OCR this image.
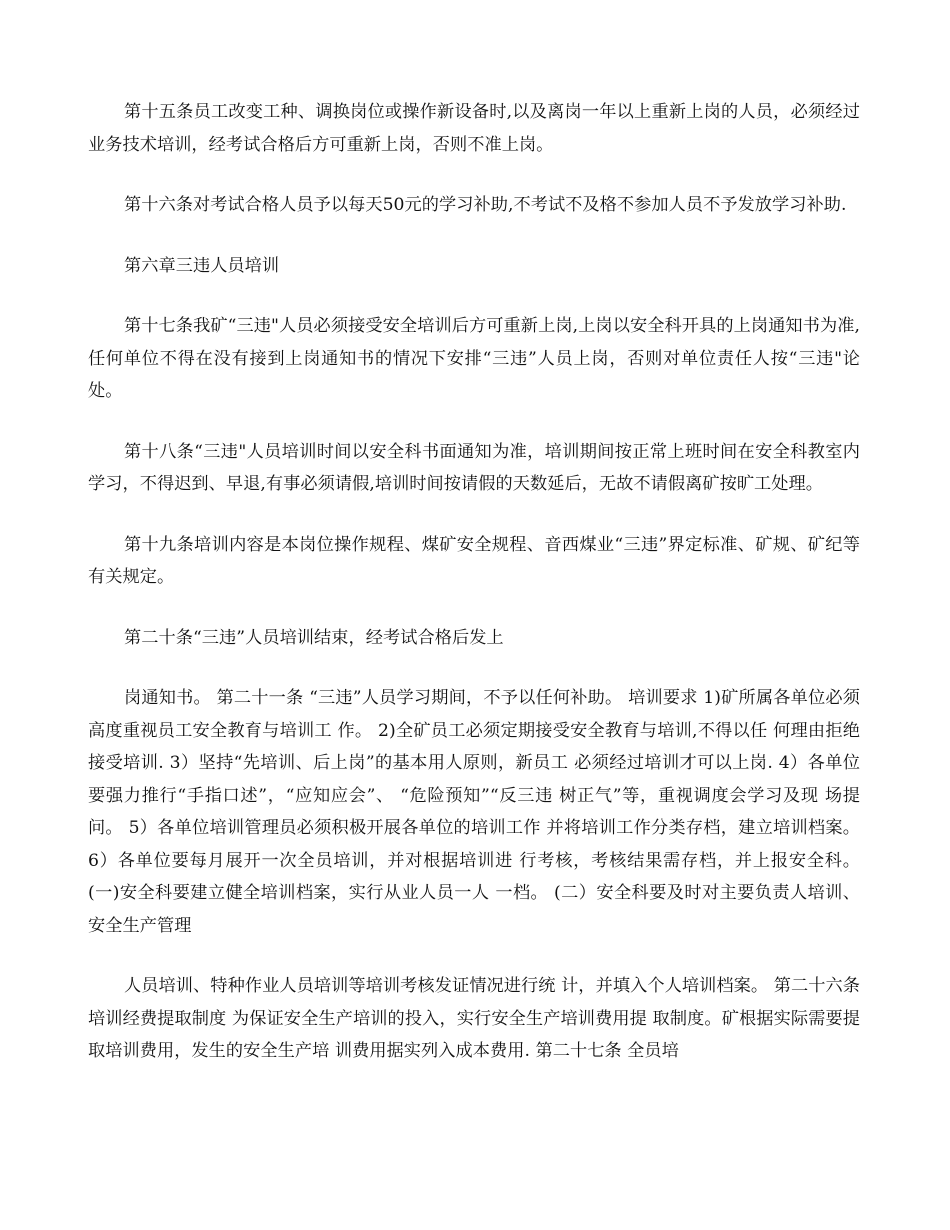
第十五条员工改变工种、调换岗位或操作新设备时,以及离岗一年以上重新上岗的人员，必须经过业务技术培训，经考试合格后方可重新上岗，否则不准上岗。

第十六条对考试合格人员予以每天50元的学习补助,不考试不及格不参加人员不予发放学习补助.

第六章三违人员培训

第十七条我矿“三违"人员必须接受安全培训后方可重新上岗,上岗以安全科开具的上岗通知书为准,任何单位不得在没有接到上岗通知书的情况下安排“三违”人员上岗，否则对单位责任人按“三违"论处。

第十八条“三违"人员培训时间以安全科书面通知为准，培训期间按正常上班时间在安全科教室内学习，不得迟到、早退,有事必须请假,培训时间按请假的天数延后，无故不请假离矿按旷工处理。

第十九条培训内容是本岗位操作规程、煤矿安全规程、音西煤业“三违”界定标准、矿规、矿纪等有关规定。

第二十条“三违”人员培训结束，经考试合格后发上

岗通知书。 第二十一条 “三违”人员学习期间，不予以任何补助。 培训要求 1)矿所属各单位必须高度重视员工安全教育与培训工 作。 2)全矿员工必须定期接受安全教育与培训,不得以任 何理由拒绝接受培训. 3）坚持“先培训、后上岗”的基本用人原则，新员工 必须经过培训才可以上岗. 4）各单位要强力推行“手指口述”，“应知应会”、 “危险预知”“反三违 树正气”等，重视调度会学习及现 场提问。 5）各单位培训管理员必须积极开展各单位的培训工作 并将培训工作分类存档，建立培训档案。 6）各单位要每月展开一次全员培训，并对根据培训进 行考核，考核结果需存档，并上报安全科。 (一)安全科要建立健全培训档案，实行从业人员一人 一档。 (二）安全科要及时对主要负责人培训、安全生产管理

人员培训、特种作业人员培训等培训考核发证情况进行统 计，并填入个人培训档案。 第二十六条 培训经费提取制度 为保证安全生产培训的投入，实行安全生产培训费用提 取制度。矿根据实际需要提取培训费用，发生的安全生产培 训费用据实列入成本费用. 第二十七条 全员培
